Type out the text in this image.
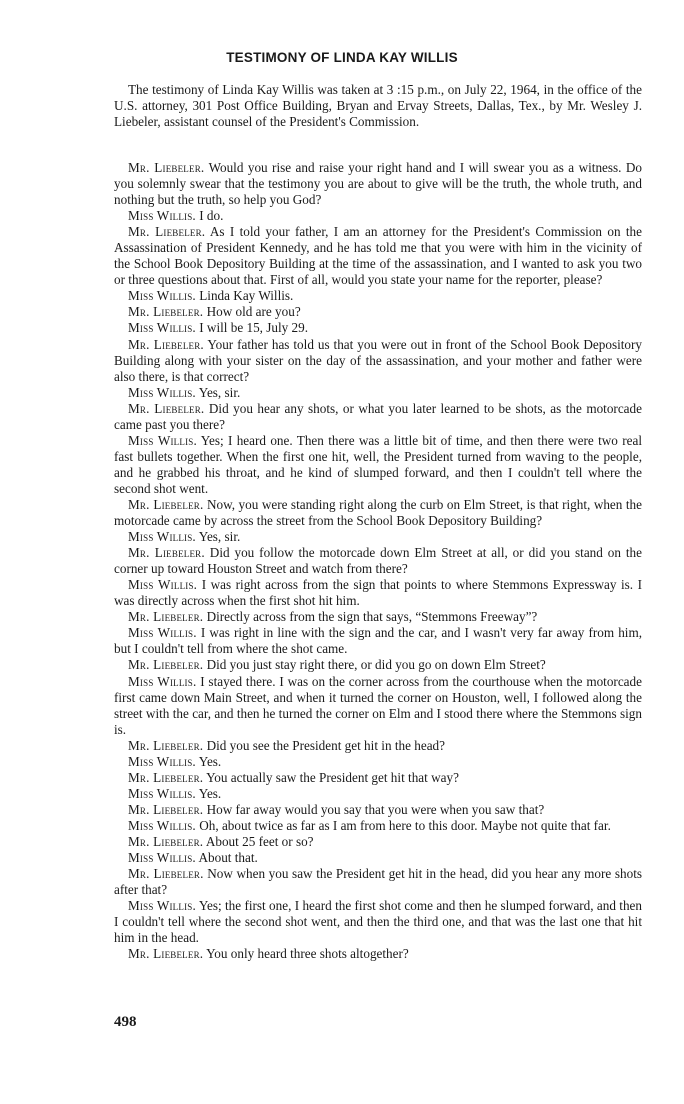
TESTIMONY OF LINDA KAY WILLIS

The testimony of Linda Kay Willis was taken at 3 :15 p.m., on July 22, 1964, in the office of the U.S. attorney, 301 Post Office Building, Bryan and Ervay Streets, Dallas, Tex., by Mr. Wesley J. Liebeler, assistant counsel of the President's Commission.

Mr. Liebeler. Would you rise and raise your right hand and I will swear you as a witness. Do you solemnly swear that the testimony you are about to give will be the truth, the whole truth, and nothing but the truth, so help you God?

Miss Willis. I do.

Mr. Liebeler. As I told your father, I am an attorney for the President's Commission on the Assassination of President Kennedy, and he has told me that you were with him in the vicinity of the School Book Depository Building at the time of the assassination, and I wanted to ask you two or three questions about that. First of all, would you state your name for the reporter, please?

Miss Willis. Linda Kay Willis.

Mr. Liebeler. How old are you?

Miss Willis. I will be 15, July 29.

Mr. Liebeler. Your father has told us that you were out in front of the School Book Depository Building along with your sister on the day of the assassination, and your mother and father were also there, is that correct?

Miss Willis. Yes, sir.

Mr. Liebeler. Did you hear any shots, or what you later learned to be shots, as the motorcade came past you there?

Miss Willis. Yes; I heard one. Then there was a little bit of time, and then there were two real fast bullets together. When the first one hit, well, the President turned from waving to the people, and he grabbed his throat, and he kind of slumped forward, and then I couldn't tell where the second shot went.

Mr. Liebeler. Now, you were standing right along the curb on Elm Street, is that right, when the motorcade came by across the street from the School Book Depository Building?

Miss Willis. Yes, sir.

Mr. Liebeler. Did you follow the motorcade down Elm Street at all, or did you stand on the corner up toward Houston Street and watch from there?

Miss Willis. I was right across from the sign that points to where Stemmons Expressway is. I was directly across when the first shot hit him.

Mr. Liebeler. Directly across from the sign that says, “Stemmons Freeway”?

Miss Willis. I was right in line with the sign and the car, and I wasn't very far away from him, but I couldn't tell from where the shot came.

Mr. Liebeler. Did you just stay right there, or did you go on down Elm Street?

Miss Willis. I stayed there. I was on the corner across from the courthouse when the motorcade first came down Main Street, and when it turned the corner on Houston, well, I followed along the street with the car, and then he turned the corner on Elm and I stood there where the Stemmons sign is.

Mr. Liebeler. Did you see the President get hit in the head?

Miss Willis. Yes.

Mr. Liebeler. You actually saw the President get hit that way?

Miss Willis. Yes.

Mr. Liebeler. How far away would you say that you were when you saw that?

Miss Willis. Oh, about twice as far as I am from here to this door. Maybe not quite that far.

Mr. Liebeler. About 25 feet or so?

Miss Willis. About that.

Mr. Liebeler. Now when you saw the President get hit in the head, did you hear any more shots after that?

Miss Willis. Yes; the first one, I heard the first shot come and then he slumped forward, and then I couldn't tell where the second shot went, and then the third one, and that was the last one that hit him in the head.

Mr. Liebeler. You only heard three shots altogether?

498
